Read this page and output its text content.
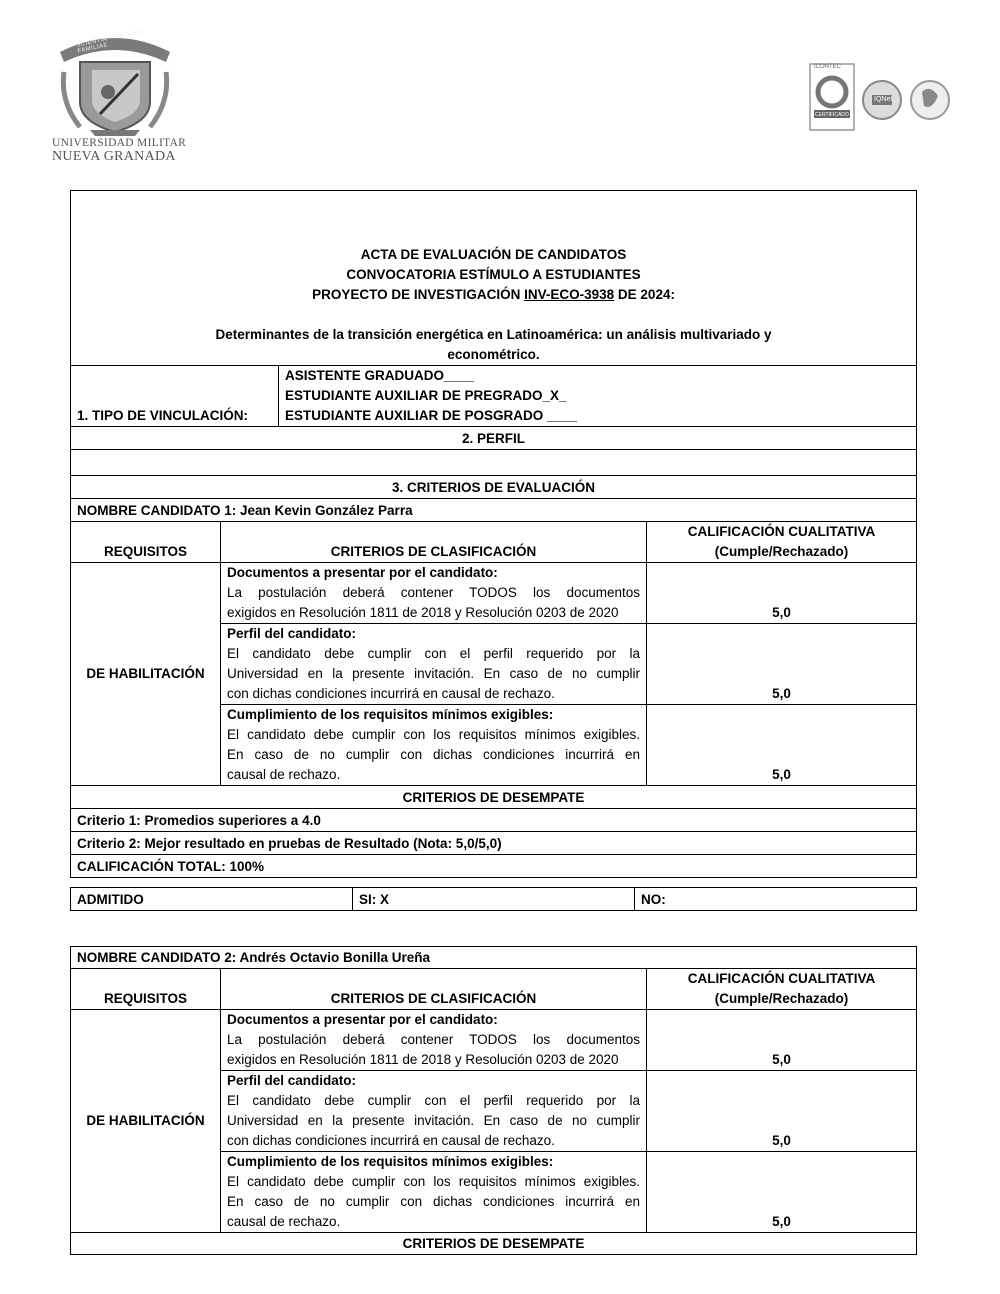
SCIENTIA · PATRIAE · FAMILIAE
UNIVERSIDAD MILITAR
NUEVA GRANADA
ICONTEC
CERTIFICADO
IQNet
ACTA DE EVALUACIÓN DE CANDIDATOS
CONVOCATORIA ESTÍMULO A ESTUDIANTES
PROYECTO DE INVESTIGACIÓN INV-ECO-3938 DE 2024:
Determinantes de la transición energética en Latinoamérica: un análisis multivariado y econométrico.			

1. TIPO DE VINCULACIÓN:		ASISTENTE GRADUADO____
ESTUDIANTE AUXILIAR DE PREGRADO_X_
ESTUDIANTE AUXILIAR DE POSGRADO ____	

2. PERFIL			

3. CRITERIOS DE EVALUACIÓN			
NOMBRE CANDIDATO 1: Jean Kevin González Parra			
REQUISITOS	CRITERIOS DE CLASIFICACIÓN		CALIFICACIÓN CUALITATIVA
(Cumple/Rechazado)

DE HABILITACIÓN	Documentos a presentar por el candidato:
La postulación deberá contener TODOS los documentos
exigidos en Resolución 1811 de 2018 y Resolución 0203 de 2020		5,0

	Perfil del candidato:
El candidato debe cumplir con el perfil requerido por la
Universidad en la presente invitación. En caso de no cumplir
con dichas condiciones incurrirá en causal de rechazo.		5,0

	Cumplimiento de los requisitos mínimos exigibles:
El candidato debe cumplir con los requisitos mínimos exigibles.
En caso de no cumplir con dichas condiciones incurrirá en
causal de rechazo.		5,0
CRITERIOS DE DESEMPATE			
Criterio 1: Promedios superiores a 4.0			
Criterio 2: Mejor resultado en pruebas de Resultado (Nota: 5,0/5,0)			
CALIFICACIÓN TOTAL: 100%			
ADMITIDO	SI: X	NO:
NOMBRE CANDIDATO 2: Andrés Octavio Bonilla Ureña		
REQUISITOS	CRITERIOS DE CLASIFICACIÓN	CALIFICACIÓN CUALITATIVA
(Cumple/Rechazado)

DE HABILITACIÓN	Documentos a presentar por el candidato:
La postulación deberá contener TODOS los documentos
exigidos en Resolución 1811 de 2018 y Resolución 0203 de 2020	5,0

	Perfil del candidato:
El candidato debe cumplir con el perfil requerido por la
Universidad en la presente invitación. En caso de no cumplir
con dichas condiciones incurrirá en causal de rechazo.	5,0

	Cumplimiento de los requisitos mínimos exigibles:
El candidato debe cumplir con los requisitos mínimos exigibles.
En caso de no cumplir con dichas condiciones incurrirá en
causal de rechazo.	5,0
CRITERIOS DE DESEMPATE		
